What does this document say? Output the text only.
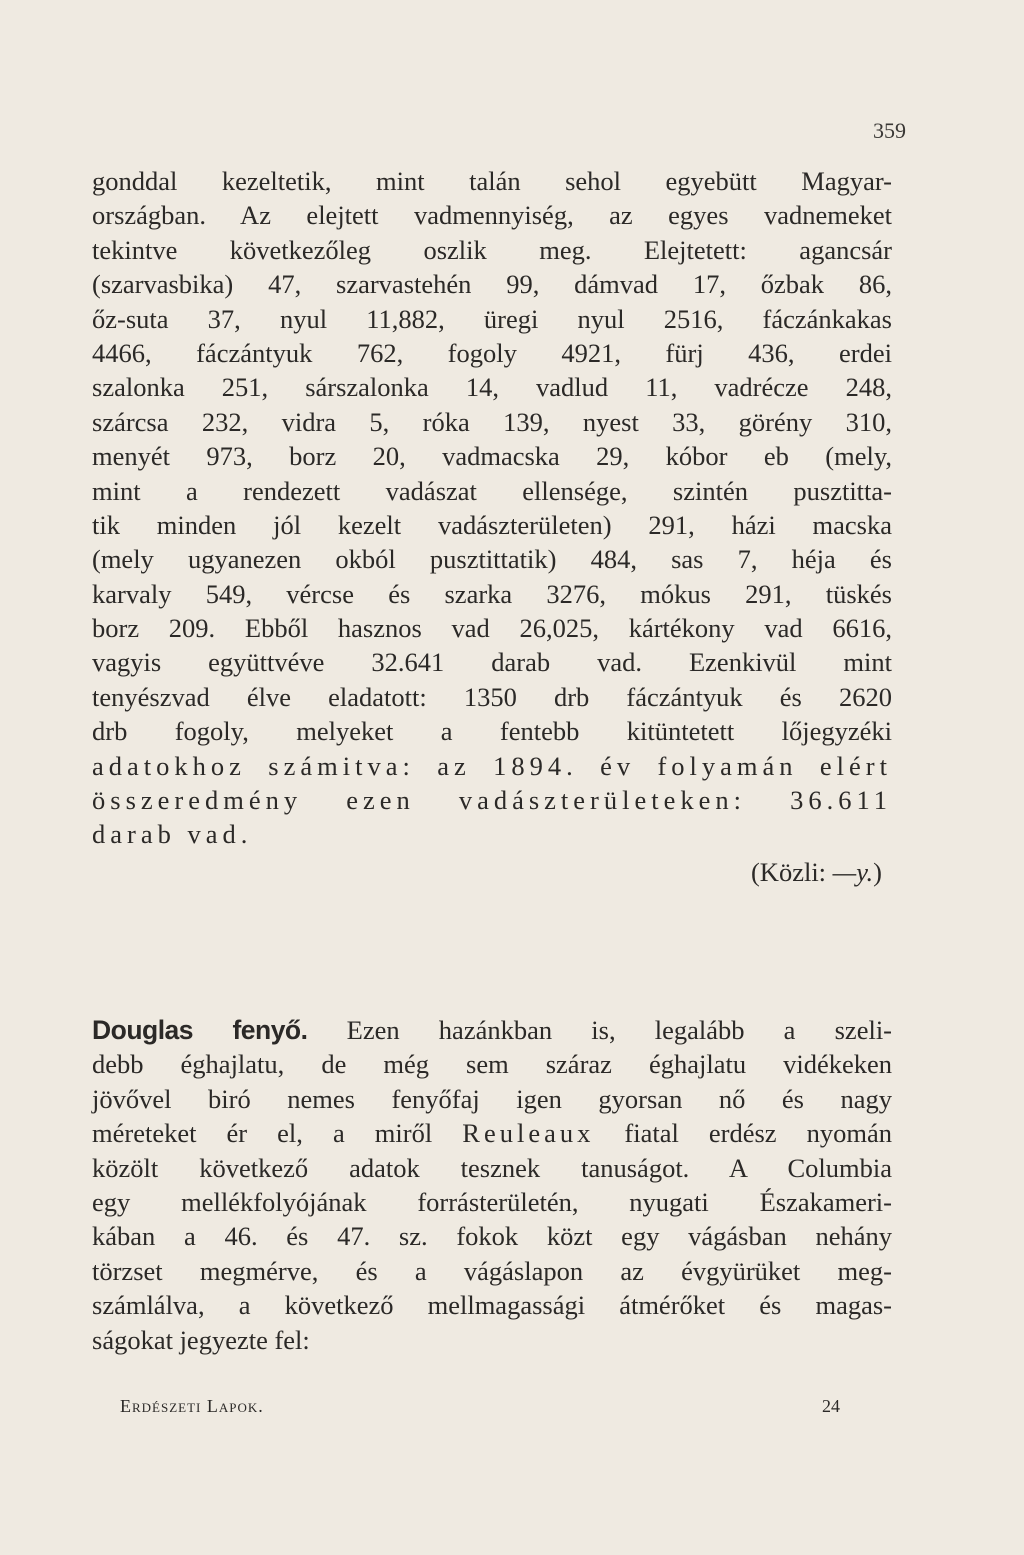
359
gonddal kezeltetik, mint talán sehol egyebütt Magyar-
országban. Az elejtett vadmennyiség, az egyes vadnemeket
tekintve következőleg oszlik meg. Elejtetett: agancsár
(szarvasbika) 47, szarvastehén 99, dámvad 17, őzbak 86,
őz-suta 37, nyul 11,882, üregi nyul 2516, fáczánkakas
4466, fáczántyuk 762, fogoly 4921, fürj 436, erdei
szalonka 251, sárszalonka 14, vadlud 11, vadrécze 248,
szárcsa 232, vidra 5, róka 139, nyest 33, görény 310,
menyét 973, borz 20, vadmacska 29, kóbor eb (mely,
mint a rendezett vadászat ellensége, szintén pusztitta-
tik minden jól kezelt vadászterületen) 291, házi macska
(mely ugyanezen okból pusztittatik) 484, sas 7, héja és
karvaly 549, vércse és szarka 3276, mókus 291, tüskés
borz 209. Ebből hasznos vad 26,025, kártékony vad 6616,
vagyis együttvéve 32.641 darab vad. Ezenkivül mint
tenyészvad élve eladatott: 1350 drb fáczántyuk és 2620
drb fogoly, melyeket a fentebb kitüntetett lőjegyzéki
adatokhoz számitva: az 1894. év folyamán elért
összeredmény ezen vadászterületeken: 36.611
darab vad.
(Közli: —y.)
Douglas fenyő. Ezen hazánkban is, legalább a szeli-
debb éghajlatu, de még sem száraz éghajlatu vidékeken
jövővel biró nemes fenyőfaj igen gyorsan nő és nagy
méreteket ér el, a miről Reuleaux fiatal erdész nyomán
közölt következő adatok tesznek tanuságot. A Columbia
egy mellékfolyójának forrásterületén, nyugati Északameri-
kában a 46. és 47. sz. fokok közt egy vágásban nehány
törzset megmérve, és a vágáslapon az évgyürüket meg-
számlálva, a következő mellmagassági átmérőket és magas-
ságokat jegyezte fel:
Erdészeti Lapok.	24
